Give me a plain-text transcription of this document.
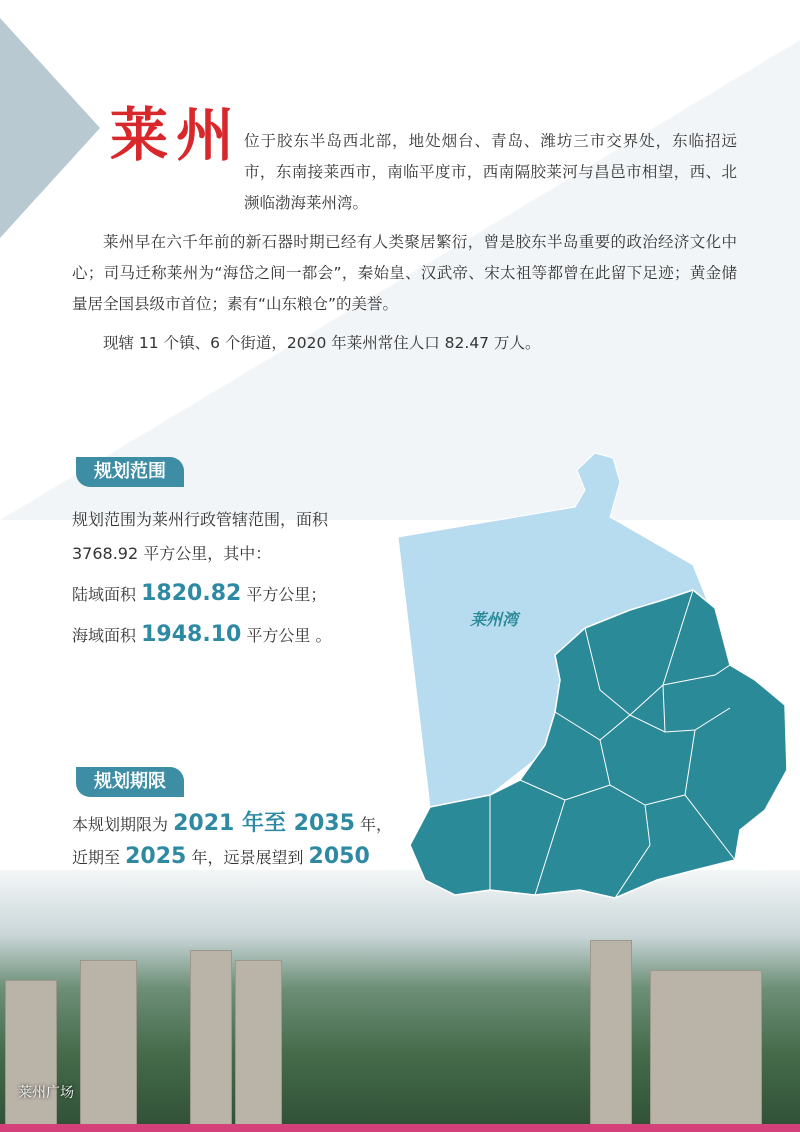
莱州 位于胶东半岛西北部，地处烟台、青岛、潍坊三市交界处，东临招远市，东南接莱西市，南临平度市，西南隔胶莱河与昌邑市相望，西、北濒临渤海莱州湾。

莱州早在六千年前的新石器时期已经有人类聚居繁衍，曾是胶东半岛重要的政治经济文化中心；司马迁称莱州为“海岱之间一都会”，秦始皇、汉武帝、宋太祖等都曾在此留下足迹；黄金储量居全国县级市首位；素有“山东粮仓”的美誉。

现辖 11 个镇、6 个街道，2020 年莱州常住人口 82.47 万人。

规划范围
规划范围为莱州行政管辖范围，面积
3768.92 平方公里，其中：
陆域面积 1820.82 平方公里；
海域面积 1948.10 平方公里 。
规划期限
本规划期限为 2021 年至 2035 年，近期至 2025 年，远景展望到 2050
莱州广场
莱州湾
